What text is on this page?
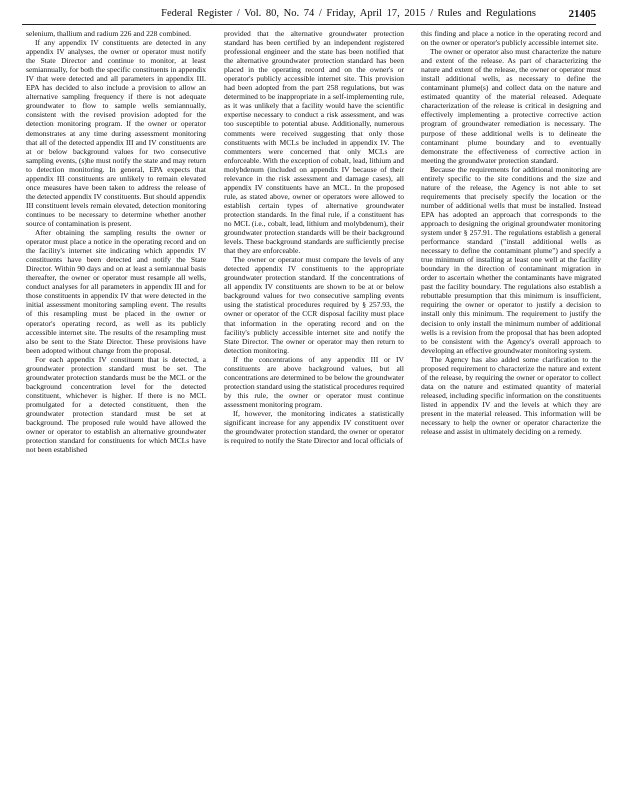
Federal Register / Vol. 80, No. 74 / Friday, April 17, 2015 / Rules and Regulations	21405

selenium, thallium and radium 226 and 228 combined.

If any appendix IV constituents are detected in any appendix IV analyses, the owner or operator must notify the State Director and continue to monitor, at least semiannually, for both the specific constituents in appendix IV that were detected and all parameters in appendix III. EPA has decided to also include a provision to allow an alternative sampling frequency if there is not adequate groundwater to flow to sample wells semiannually, consistent with the revised provision adopted for the detection monitoring program. If the owner or operator demonstrates at any time during assessment monitoring that all of the detected appendix III and IV constituents are at or below background values for two consecutive sampling events, (s)he must notify the state and may return to detection monitoring. In general, EPA expects that appendix III constituents are unlikely to remain elevated once measures have been taken to address the release of the detected appendix IV constituents. But should appendix III constituent levels remain elevated, detection monitoring continues to be necessary to determine whether another source of contamination is present.

After obtaining the sampling results the owner or operator must place a notice in the operating record and on the facility's internet site indicating which appendix IV constituents have been detected and notify the State Director. Within 90 days and on at least a semiannual basis thereafter, the owner or operator must resample all wells, conduct analyses for all parameters in appendix III and for those constituents in appendix IV that were detected in the initial assessment monitoring sampling event. The results of this resampling must be placed in the owner or operator's operating record, as well as its publicly accessible internet site. The results of the resampling must also be sent to the State Director. These provisions have been adopted without change from the proposal.

For each appendix IV constituent that is detected, a groundwater protection standard must be set. The groundwater protection standards must be the MCL or the background concentration level for the detected constituent, whichever is higher. If there is no MCL promulgated for a detected constituent, then the groundwater protection standard must be set at background. The proposed rule would have allowed the owner or operator to establish an alternative groundwater protection standard for constituents for which MCLs have not been established

provided that the alternative groundwater protection standard has been certified by an independent registered professional engineer and the state has been notified that the alternative groundwater protection standard has been placed in the operating record and on the owner's or operator's publicly accessible internet site. This provision had been adopted from the part 258 regulations, but was determined to be inappropriate in a self-implementing rule, as it was unlikely that a facility would have the scientific expertise necessary to conduct a risk assessment, and was too susceptible to potential abuse. Additionally, numerous comments were received suggesting that only those constituents with MCLs be included in appendix IV. The commenters were concerned that only MCLs are enforceable. With the exception of cobalt, lead, lithium and molybdenum (included on appendix IV because of their relevance in the risk assessment and damage cases), all appendix IV constituents have an MCL. In the proposed rule, as stated above, owner or operators were allowed to establish certain types of alternative groundwater protection standards. In the final rule, if a constituent has no MCL (i.e., cobalt, lead, lithium and molybdenum), their groundwater protection standards will be their background levels. These background standards are sufficiently precise that they are enforceable.

The owner or operator must compare the levels of any detected appendix IV constituents to the appropriate groundwater protection standard. If the concentrations of all appendix IV constituents are shown to be at or below background values for two consecutive sampling events using the statistical procedures required by § 257.93, the owner or operator of the CCR disposal facility must place that information in the operating record and on the facility's publicly accessible internet site and notify the State Director. The owner or operator may then return to detection monitoring.

If the concentrations of any appendix III or IV constituents are above background values, but all concentrations are determined to be below the groundwater protection standard using the statistical procedures required by this rule, the owner or operator must continue assessment monitoring program.

If, however, the monitoring indicates a statistically significant increase for any appendix IV constituent over the groundwater protection standard, the owner or operator is required to notify the State Director and local officials of

this finding and place a notice in the operating record and on the owner or operator's publicly accessible internet site.

The owner or operator also must characterize the nature and extent of the release. As part of characterizing the nature and extent of the release, the owner or operator must install additional wells, as necessary to define the contaminant plume(s) and collect data on the nature and estimated quantity of the material released. Adequate characterization of the release is critical in designing and effectively implementing a protective corrective action program of groundwater remediation is necessary. The purpose of these additional wells is to delineate the contaminant plume boundary and to eventually demonstrate the effectiveness of corrective action in meeting the groundwater protection standard.

Because the requirements for additional monitoring are entirely specific to the site conditions and the size and nature of the release, the Agency is not able to set requirements that precisely specify the location or the number of additional wells that must be installed. Instead EPA has adopted an approach that corresponds to the approach to designing the original groundwater monitoring system under § 257.91. The regulations establish a general performance standard ("install additional wells as necessary to define the contaminant plume") and specify a true minimum of installing at least one well at the facility boundary in the direction of contaminant migration in order to ascertain whether the contaminants have migrated past the facility boundary. The regulations also establish a rebuttable presumption that this minimum is insufficient, requiring the owner or operator to justify a decision to install only this minimum. The requirement to justify the decision to only install the minimum number of additional wells is a revision from the proposal that has been adopted to be consistent with the Agency's overall approach to developing an effective groundwater monitoring system.

The Agency has also added some clarification to the proposed requirement to characterize the nature and extent of the release, by requiring the owner or operator to collect data on the nature and estimated quantity of material released, including specific information on the constituents listed in appendix IV and the levels at which they are present in the material released. This information will be necessary to help the owner or operator characterize the release and assist in ultimately deciding on a remedy.
